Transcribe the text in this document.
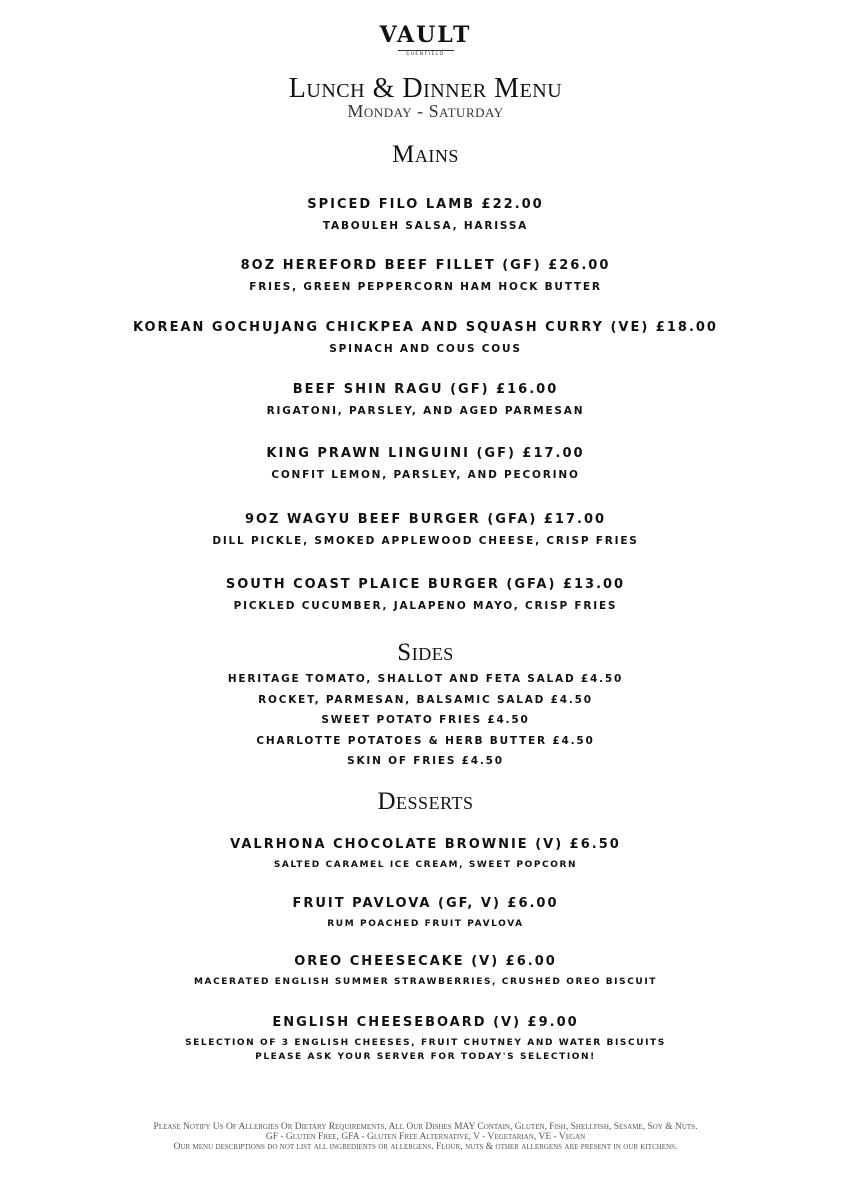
VAULT
SHENFIELD
Lunch & Dinner Menu
Monday - Saturday
Mains
SPICED FILO LAMB £22.00
TABOULEH SALSA, HARISSA
8OZ HEREFORD BEEF FILLET (GF) £26.00
FRIES, GREEN PEPPERCORN HAM HOCK BUTTER
KOREAN GOCHUJANG CHICKPEA AND SQUASH CURRY (VE) £18.00
SPINACH AND COUS COUS
BEEF SHIN RAGU (GF) £16.00
RIGATONI, PARSLEY, AND AGED PARMESAN
KING PRAWN LINGUINI (GF) £17.00
CONFIT LEMON, PARSLEY, AND PECORINO
9OZ WAGYU BEEF BURGER (GFA) £17.00
DILL PICKLE, SMOKED APPLEWOOD CHEESE, CRISP FRIES
SOUTH COAST PLAICE BURGER (GFA) £13.00
PICKLED CUCUMBER, JALAPENO MAYO, CRISP FRIES
Sides
HERITAGE TOMATO, SHALLOT AND FETA SALAD £4.50
ROCKET, PARMESAN, BALSAMIC SALAD £4.50
SWEET POTATO FRIES £4.50
CHARLOTTE POTATOES & HERB BUTTER £4.50
SKIN OF FRIES £4.50
Desserts
VALRHONA CHOCOLATE BROWNIE (V) £6.50
SALTED CARAMEL ICE CREAM, SWEET POPCORN
FRUIT PAVLOVA (GF, V) £6.00
RUM POACHED FRUIT PAVLOVA
OREO CHEESECAKE (V) £6.00
MACERATED ENGLISH SUMMER STRAWBERRIES, CRUSHED OREO BISCUIT
ENGLISH CHEESEBOARD (V) £9.00
SELECTION OF 3 ENGLISH CHEESES, FRUIT CHUTNEY AND WATER BISCUITS
PLEASE ASK YOUR SERVER FOR TODAY'S SELECTION!
Please Notify Us Of Allergies Or Dietary Requirements. All Our Dishes MAY Contain, Gluten, Fish, Shellfish, Sesame, Soy & Nuts.
GF - Gluten Free, GFA - Gluten Free Alternative, V - Vegetarian, VE - Vegan
Our menu descriptions do not list all ingredients or allergens. Flour, nuts & other allergens are present in our kitchens.
